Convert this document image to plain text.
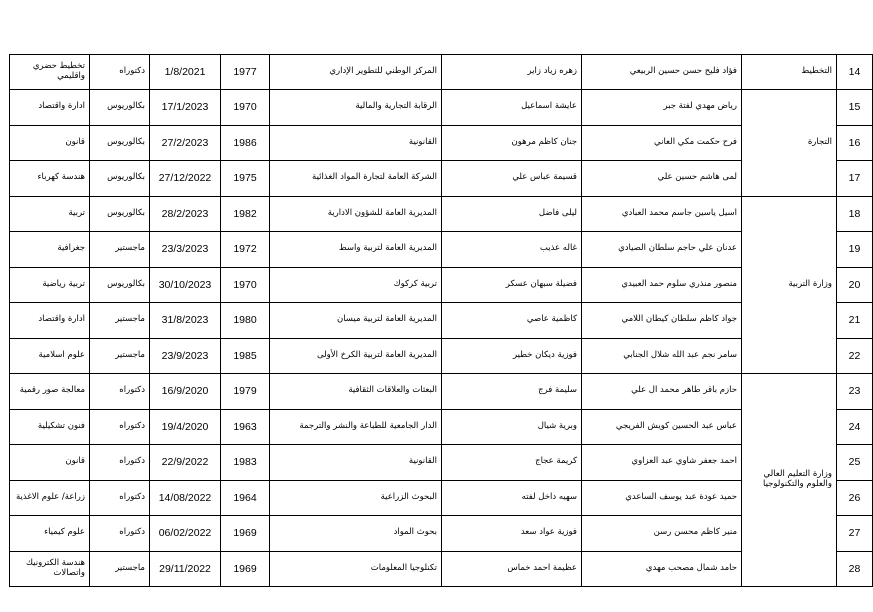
14	التخطيط	فؤاد فليح حسن حسين الربيعي	زهره زياد زاير	المركز الوطني للتطوير الإداري	1977	1/8/2021	دكتوراه	تخطيط حضري واقليمي
15	التجارة	رياض مهدي لفتة جبر	عايشة اسماعيل	الرقابة التجارية والمالية	1970	17/1/2023	بكالوريوس	ادارة واقتصاد
16		فرح حكمت مكي العاني	جنان كاظم مرهون	القانونية	1986	27/2/2023	بكالوريوس	قانون
17		لمى هاشم حسين علي	قسيمة عباس علي	الشركة العامة لتجارة المواد الغذائية	1975	27/12/2022	بكالوريوس	هندسة كهرباء
18	وزارة التربية	اسيل ياسين جاسم محمد العبادي	ليلى فاضل	المديرية العامة للشؤون الادارية	1982	28/2/2023	بكالوريوس	تربية
19		عدنان علي حاجم سلطان الصيادي	غاله عذيب	المديرية العامة لتربية واسط	1972	23/3/2023	ماجستير	جغرافية
20		منصور منذري سلوم حمد العبيدي	فضيلة سبهان عسكر	تربية كركوك	1970	30/10/2023	بكالوريوس	تربية رياضية
21		جواد كاظم سلطان كيطان اللامي	كاظمية عاصي	المديرية العامة لتربية ميسان	1980	31/8/2023	ماجستير	ادارة واقتصاد
22		سامر نجم عبد الله شلال الجنابي	فوزية ديكان خطير	المديرية العامة لتربية الكرخ الأولى	1985	23/9/2023	ماجستير	علوم اسلامية
23	وزارة التعليم العالي والعلوم والتكنولوجيا	حازم باقر طاهر محمد ال علي	سليمة فرج	البعثات والعلاقات الثقافية	1979	16/9/2020	دكتوراه	معالجة صور رقمية
24		عباس عبد الحسين كويش الفريجي	وبرية شيال	الدار الجامعية للطباعة والنشر والترجمة	1963	19/4/2020	دكتوراه	فنون تشكيلية
25		احمد جعفر شاوي عبد العزاوي	كريمة عجاج	القانونية	1983	22/9/2022	دكتوراه	قانون
26		حميد عودة عبد يوسف الساعدي	سهيه داخل لفته	البحوث الزراعية	1964	14/08/2022	دكتوراه	زراعة/ علوم الاغذية
27		منير كاظم محسن رسن	فوزية عواد سعد	بحوث المواد	1969	06/02/2022	دكتوراه	علوم كيمياء
28		حامد شمال مصحب مهدي	عظيمة احمد خماس	تكنلوجيا المعلومات	1969	29/11/2022	ماجستير	هندسة الكترونيك واتصالات
